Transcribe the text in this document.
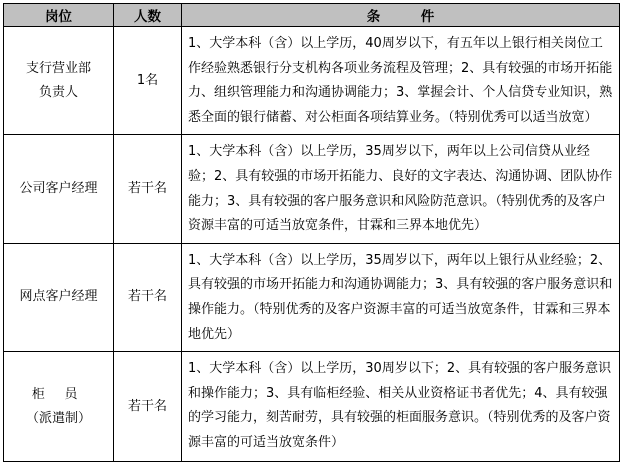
岗位	人数	条　　　件

支行营业部
负责人	1名	1、大学本科（含）以上学历，40周岁以下，有五年以上银行相关岗位工作经验熟悉银行分支机构各项业务流程及管理；2、具有较强的市场开拓能力、组织管理能力和沟通协调能力；3、掌握会计、个人信贷专业知识，熟悉全面的银行储蓄、对公柜面各项结算业务。（特别优秀可以适当放宽）

公司客户经理	若干名	1、大学本科（含）以上学历，35周岁以下，两年以上公司信贷从业经验；2、具有较强的市场开拓能力、良好的文字表达、沟通协调、团队协作能力；3、具有较强的客户服务意识和风险防范意识。（特别优秀的及客户资源丰富的可适当放宽条件，甘霖和三界本地优先）

网点客户经理	若干名	1、大学本科（含）以上学历，35周岁以下，两年以上银行从业经验；2、具有较强的市场开拓能力和沟通协调能力；3、具有较强的客户服务意识和操作能力。（特别优秀的及客户资源丰富的可适当放宽条件，甘霖和三界本地优先）

柜 员
（派遣制）	若干名	1、大学本科（含）以上学历，30周岁以下；2、具有较强的客户服务意识和操作能力；3、具有临柜经验、相关从业资格证书者优先；4、具有较强的学习能力，刻苦耐劳，具有较强的柜面服务意识。（特别优秀的及客户资源丰富的可适当放宽条件）
